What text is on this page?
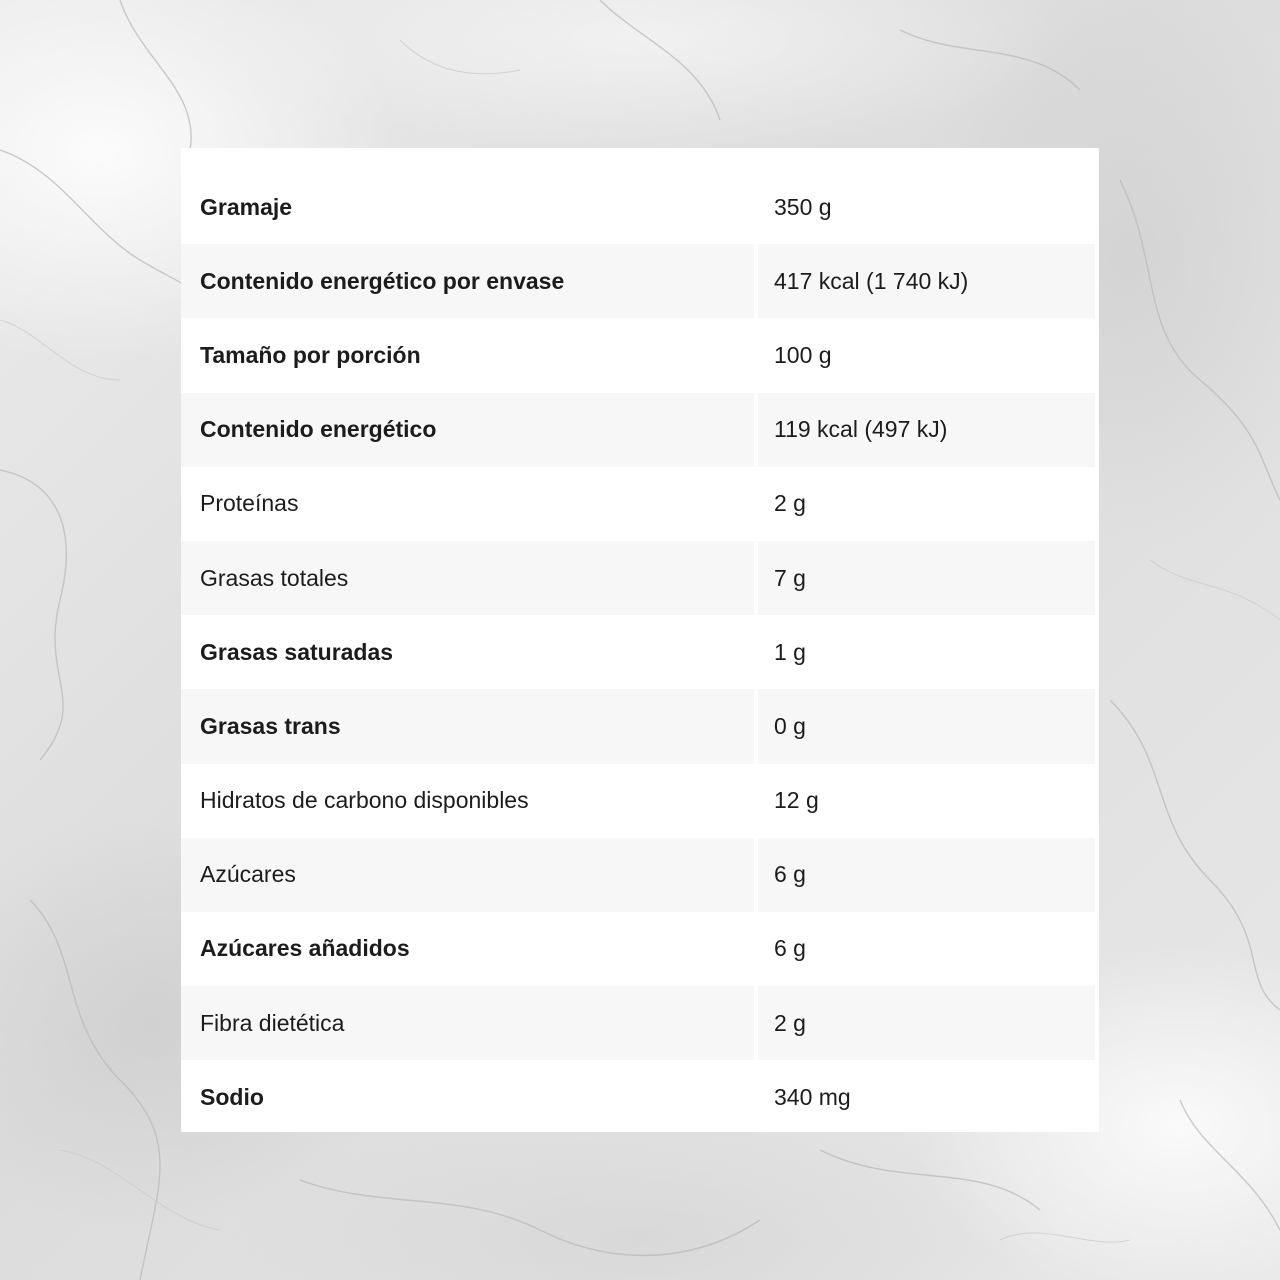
Gramaje	350 g
Contenido energético por envase	417 kcal (1 740 kJ)
Tamaño por porción	100 g
Contenido energético	119 kcal (497 kJ)
Proteínas	2 g
Grasas totales	7 g
Grasas saturadas	1 g
Grasas trans	0 g
Hidratos de carbono disponibles	12 g
Azúcares	6 g
Azúcares añadidos	6 g
Fibra dietética	2 g
Sodio	340 mg
